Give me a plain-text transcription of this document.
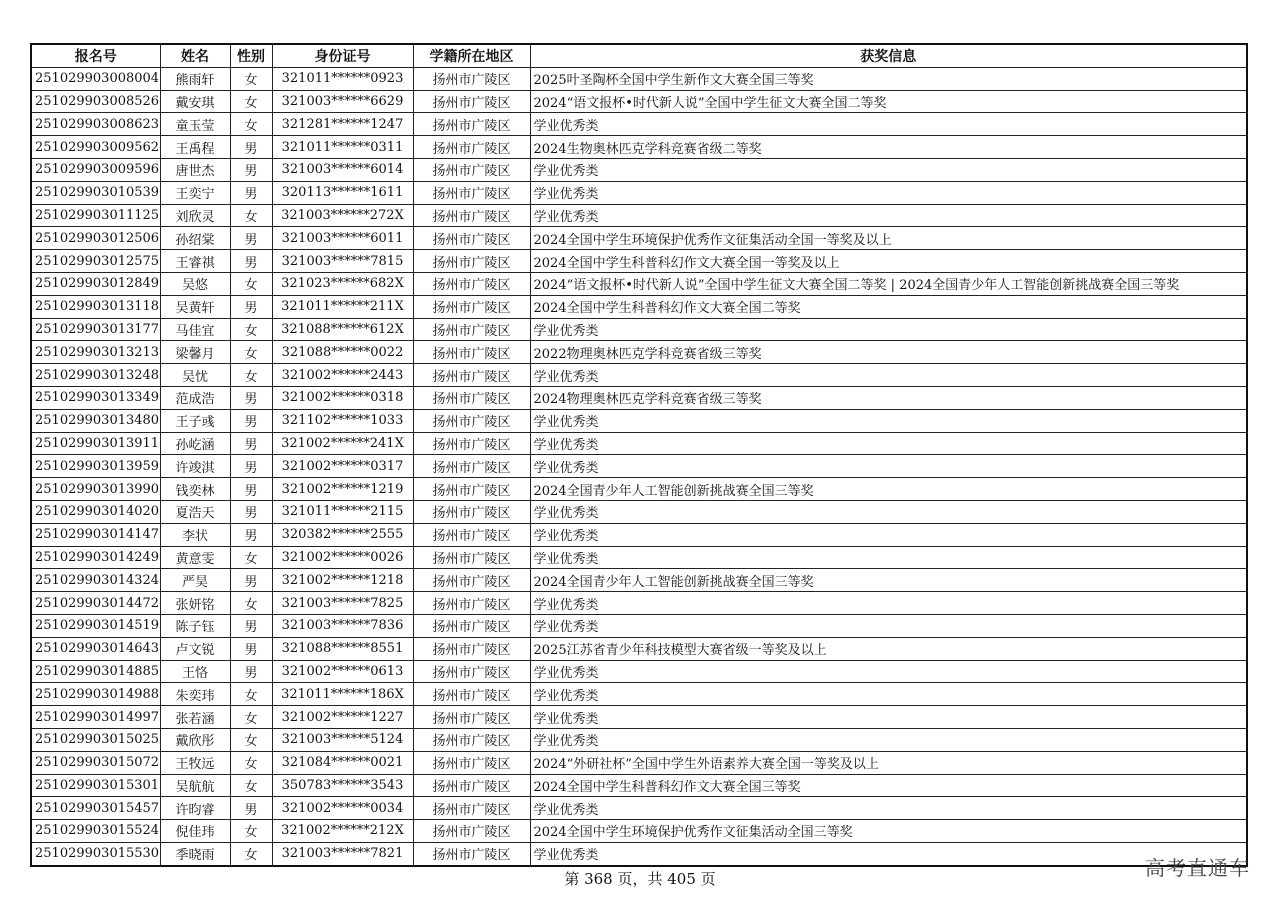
报名号	姓名	性别	身份证号	学籍所在地区	获奖信息
251029903008004	熊雨轩	女	321011******0923	扬州市广陵区	2025叶圣陶杯全国中学生新作文大赛全国三等奖
251029903008526	戴安琪	女	321003******6629	扬州市广陵区	2024“语文报杯•时代新人说”全国中学生征文大赛全国二等奖
251029903008623	童玉莹	女	321281******1247	扬州市广陵区	学业优秀类
251029903009562	王禹程	男	321011******0311	扬州市广陵区	2024生物奥林匹克学科竞赛省级二等奖
251029903009596	唐世杰	男	321003******6014	扬州市广陵区	学业优秀类
251029903010539	王奕宁	男	320113******1611	扬州市广陵区	学业优秀类
251029903011125	刘欣灵	女	321003******272X	扬州市广陵区	学业优秀类
251029903012506	孙绍棠	男	321003******6011	扬州市广陵区	2024全国中学生环境保护优秀作文征集活动全国一等奖及以上
251029903012575	王睿祺	男	321003******7815	扬州市广陵区	2024全国中学生科普科幻作文大赛全国一等奖及以上
251029903012849	吴悠	女	321023******682X	扬州市广陵区	2024“语文报杯•时代新人说”全国中学生征文大赛全国二等奖 | 2024全国青少年人工智能创新挑战赛全国三等奖
251029903013118	吴黄轩	男	321011******211X	扬州市广陵区	2024全国中学生科普科幻作文大赛全国二等奖
251029903013177	马佳宜	女	321088******612X	扬州市广陵区	学业优秀类
251029903013213	梁馨月	女	321088******0022	扬州市广陵区	2022物理奥林匹克学科竞赛省级三等奖
251029903013248	吴忧	女	321002******2443	扬州市广陵区	学业优秀类
251029903013349	范成浩	男	321002******0318	扬州市广陵区	2024物理奥林匹克学科竞赛省级三等奖
251029903013480	王子彧	男	321102******1033	扬州市广陵区	学业优秀类
251029903013911	孙屹涵	男	321002******241X	扬州市广陵区	学业优秀类
251029903013959	许竣淇	男	321002******0317	扬州市广陵区	学业优秀类
251029903013990	钱奕林	男	321002******1219	扬州市广陵区	2024全国青少年人工智能创新挑战赛全国三等奖
251029903014020	夏浩天	男	321011******2115	扬州市广陵区	学业优秀类
251029903014147	李状	男	320382******2555	扬州市广陵区	学业优秀类
251029903014249	黄意雯	女	321002******0026	扬州市广陵区	学业优秀类
251029903014324	严昊	男	321002******1218	扬州市广陵区	2024全国青少年人工智能创新挑战赛全国三等奖
251029903014472	张妍铭	女	321003******7825	扬州市广陵区	学业优秀类
251029903014519	陈子钰	男	321003******7836	扬州市广陵区	学业优秀类
251029903014643	卢文锐	男	321088******8551	扬州市广陵区	2025江苏省青少年科技模型大赛省级一等奖及以上
251029903014885	王恪	男	321002******0613	扬州市广陵区	学业优秀类
251029903014988	朱奕玮	女	321011******186X	扬州市广陵区	学业优秀类
251029903014997	张若涵	女	321002******1227	扬州市广陵区	学业优秀类
251029903015025	戴欣彤	女	321003******5124	扬州市广陵区	学业优秀类
251029903015072	王牧远	女	321084******0021	扬州市广陵区	2024“外研社杯”全国中学生外语素养大赛全国一等奖及以上
251029903015301	吴航航	女	350783******3543	扬州市广陵区	2024全国中学生科普科幻作文大赛全国三等奖
251029903015457	许昀睿	男	321002******0034	扬州市广陵区	学业优秀类
251029903015524	倪佳玮	女	321002******212X	扬州市广陵区	2024全国中学生环境保护优秀作文征集活动全国三等奖
251029903015530	季晓雨	女	321003******7821	扬州市广陵区	学业优秀类
第 368 页，共 405 页	高考直通车
